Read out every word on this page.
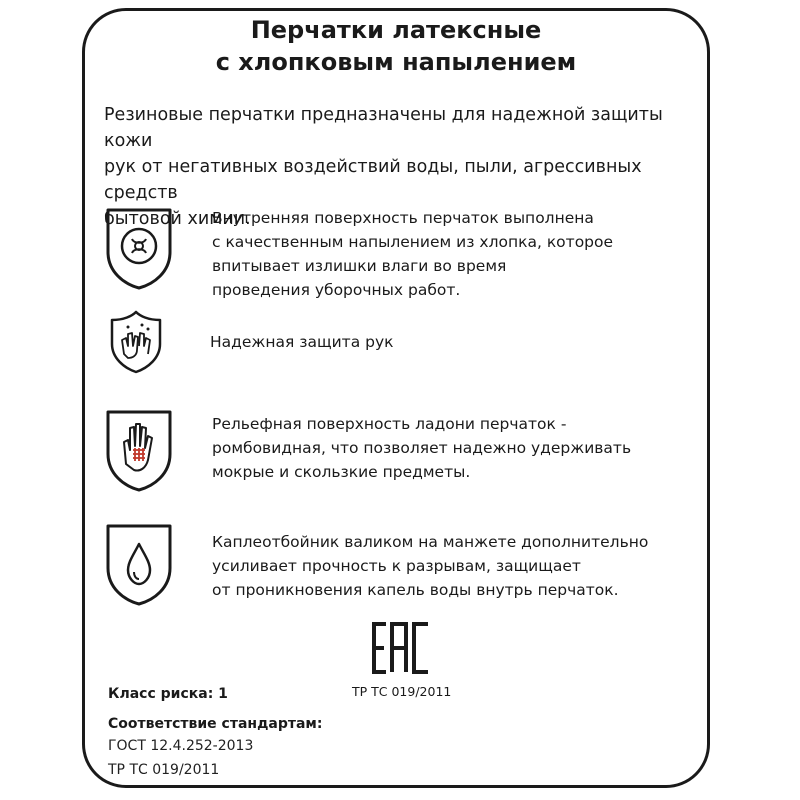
Перчатки латексные
с хлопковым напылением
Резиновые перчатки предназначены для надежной защиты кожи
рук от негативных воздействий воды, пыли, агрессивных средств
бытовой химии.
Внутренняя поверхность перчаток выполнена
с качественным напылением из хлопка, которое
впитывает излишки влаги во время
проведения уборочных работ.
Надежная защита рук
Рельефная поверхность ладони перчаток -
ромбовидная, что позволяет надежно удерживать
мокрые и скользкие предметы.
Каплеотбойник валиком на манжете дополнительно
усиливает прочность к разрывам, защищает
от проникновения капель воды внутрь перчаток.
ТР ТС 019/2011
Класс риска: 1
Соответствие стандартам:
ГОСТ 12.4.252-2013
ТР ТС 019/2011
